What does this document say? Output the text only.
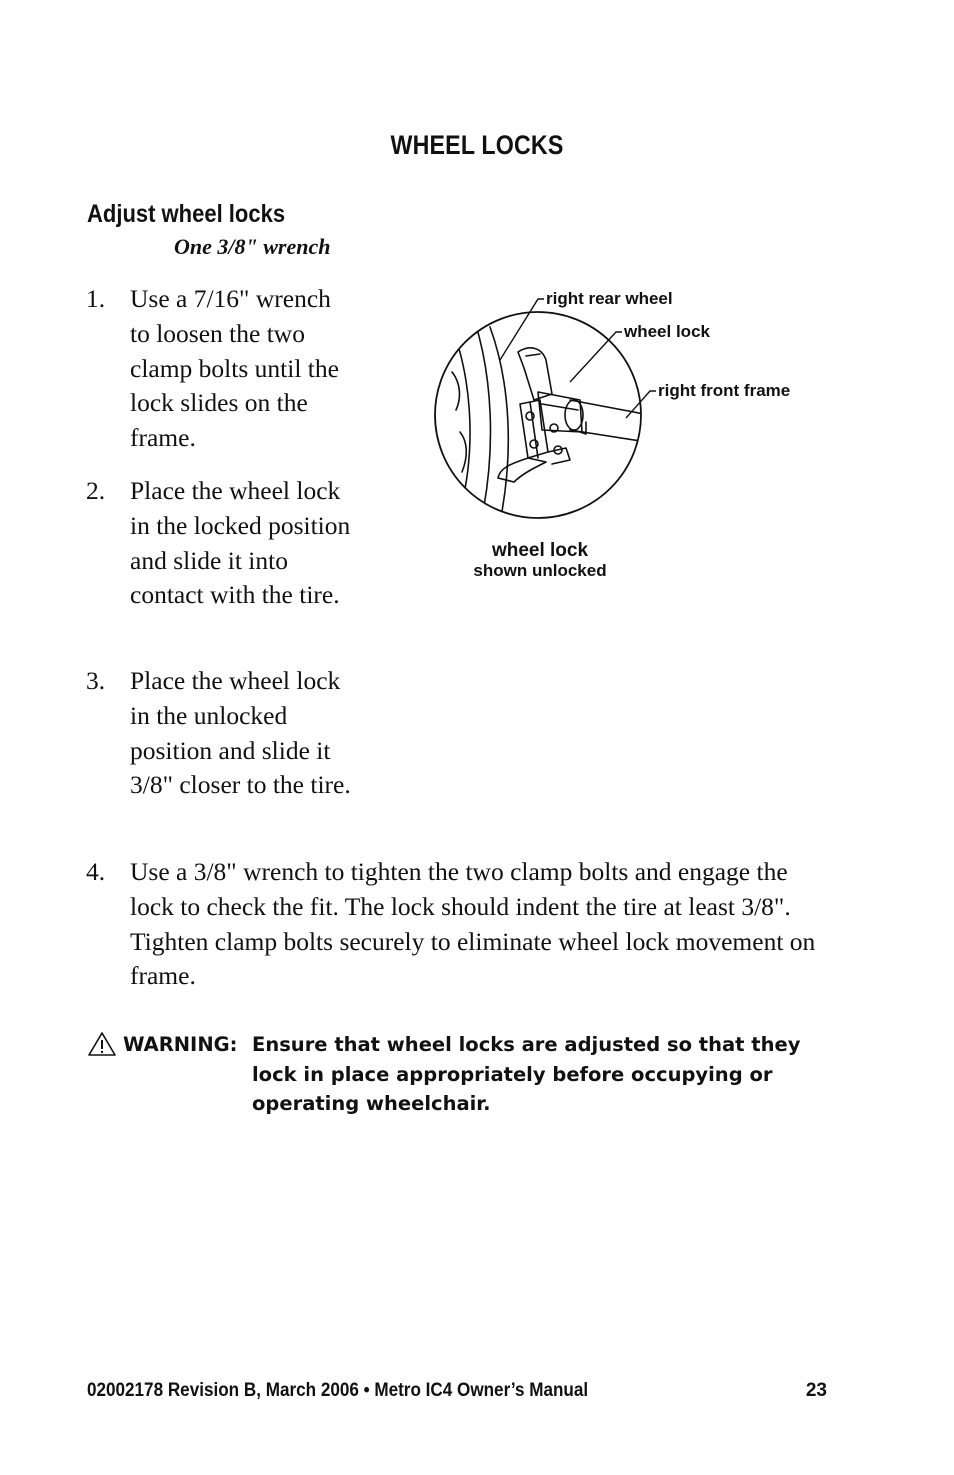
WHEEL LOCKS
Adjust wheel locks
One 3/8" wrench
1. Use a 7/16" wrench to loosen the two clamp bolts until the lock slides on the frame.
2. Place the wheel lock in the locked position and slide it into contact with the tire.
3. Place the wheel lock in the unlocked position and slide it 3/8" closer to the tire.
4. Use a 3/8" wrench to tighten the two clamp bolts and engage the lock to check the fit. The lock should indent the tire at least 3/8". Tighten clamp bolts securely to eliminate wheel lock movement on frame.
right rear wheel
wheel lock
right front frame
wheel lock
shown unlocked
WARNING: Ensure that wheel locks are adjusted so that they lock in place appropriately before occupying or operating wheelchair.
02002178 Revision B, March 2006 • Metro IC4 Owner’s Manual	23
